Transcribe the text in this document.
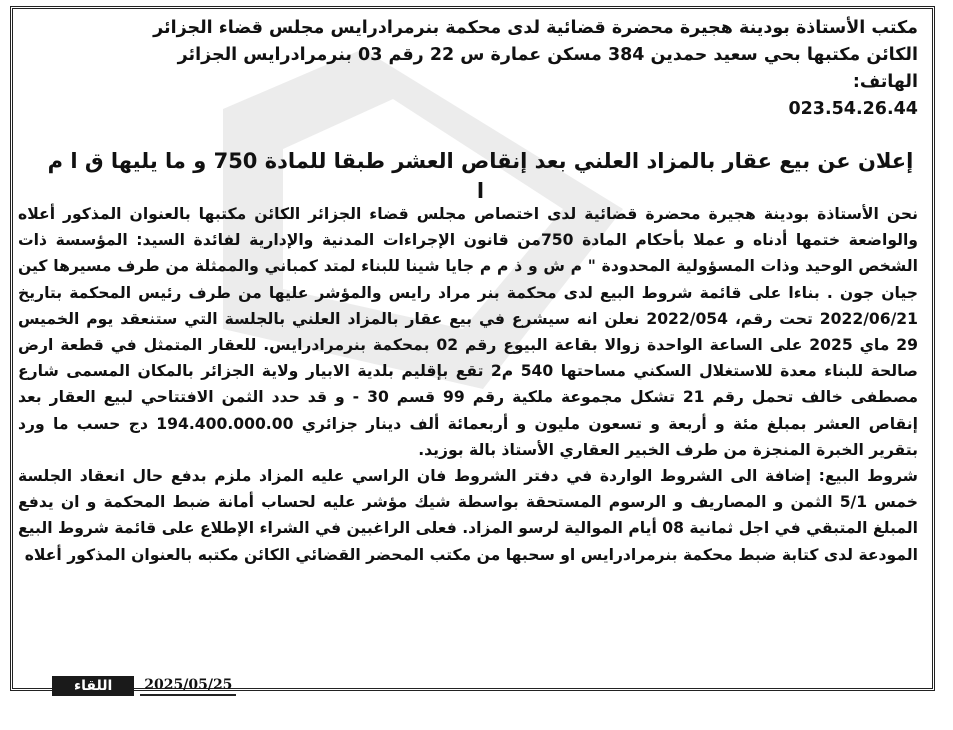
مكتب الأستاذة بودينة هجيرة محضرة قضائية لدى محكمة بنرمرادرايس مجلس قضاء الجزائر
الكائن مكتبها بحي سعيد حمدين 384 مسكن عمارة س 22 رقم 03 بنرمرادرايس الجزائر
الهاتف:
023.54.26.44
إعلان عن بيع عقار بالمزاد العلني بعد إنقاص العشر طبقا للمادة 750 و ما يليها ق ا م ا

نحن الأستاذة بودينة هجيرة محضرة قضائية لدى اختصاص مجلس قضاء الجزائر الكائن مكتبها بالعنوان المذكور أعلاه والواضعة ختمها أدناه و عملا بأحكام المادة 750من قانون الإجراءات المدنية والإدارية لفائدة السيد: المؤسسة ذات الشخص الوحيد وذات المسؤولية المحدودة " م ش و ذ م م جايا شينا للبناء لمتد كمباني والممثلة من طرف مسيرها كين جيان جون . بناءا على قائمة شروط البيع لدى محكمة بنر مراد رايس والمؤشر عليها من طرف رئيس المحكمة بتاريخ 2022/06/21 تحت رقم، 2022/054 نعلن انه سيشرع في بيع عقار بالمزاد العلني بالجلسة التي ستنعقد يوم الخميس 29 ماي 2025 على الساعة الواحدة زوالا بقاعة البيوع رقم 02 بمحكمة بنرمرادرايس. للعقار المتمثل في قطعة ارض صالحة للبناء معدة للاستغلال السكني مساحتها 540 م2 تقع بإقليم بلدية الابيار ولاية الجزائر بالمكان المسمى شارع مصطفى خالف تحمل رقم 21 تشكل مجموعة ملكية رقم 99 قسم 30 - و قد حدد الثمن الافتتاحي لبيع العقار بعد إنقاص العشر بمبلغ مئة و أربعة و تسعون مليون و أربعمائة ألف دينار جزائري 194.400.000.00 دج حسب ما ورد بتقرير الخبرة المنجزة من طرف الخبير العقاري الأستاذ بالة بوزيد.

شروط البيع: إضافة الى الشروط الواردة في دفتر الشروط فان الراسي عليه المزاد ملزم بدفع حال انعقاد الجلسة خمس 5/1 الثمن و المصاريف و الرسوم المستحقة بواسطة شيك مؤشر عليه لحساب أمانة ضبط المحكمة و ان يدفع المبلغ المتبقي في اجل ثمانية 08 أيام الموالية لرسو المزاد. فعلى الراغبين في الشراء الإطلاع على قائمة شروط البيع المودعة لدى كتابة ضبط محكمة بنرمرادرايس او سحبها من مكتب المحضر القضائي الكائن مكتبه بالعنوان المذكور أعلاه

اللقاء	2025/05/25
